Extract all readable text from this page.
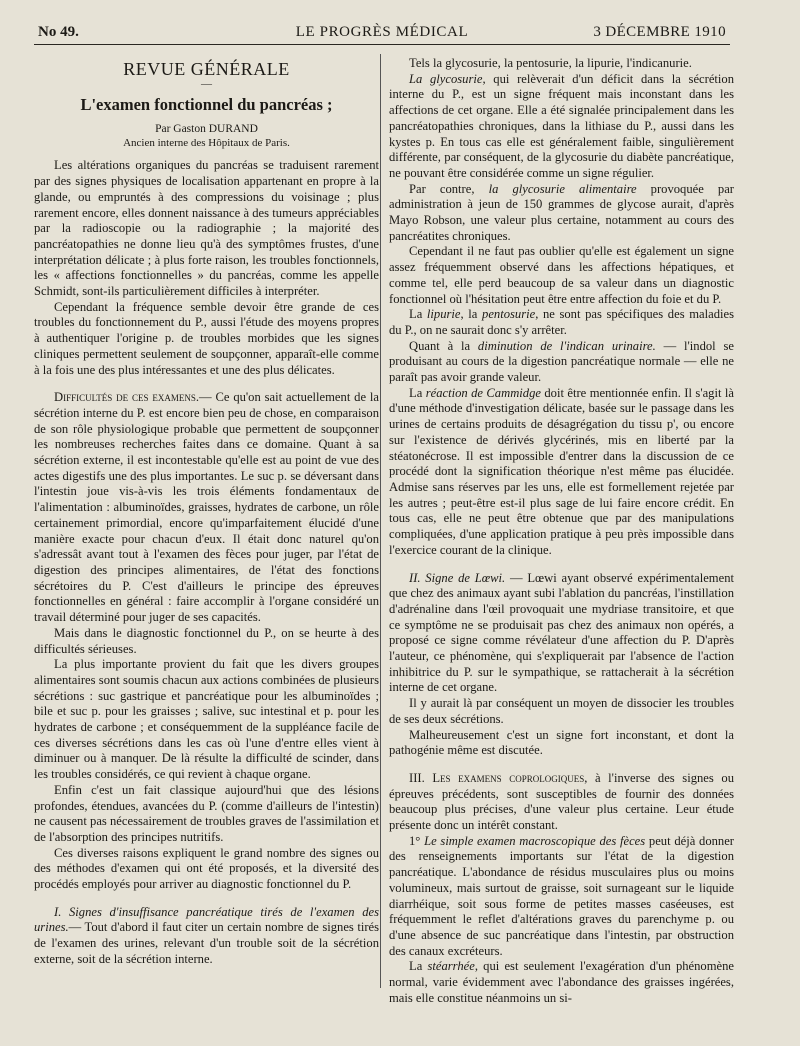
No 49.	LE PROGRÈS MÉDICAL	3 DÉCEMBRE 1910
REVUE GÉNÉRALE
—
L'examen fonctionnel du pancréas ;
Par Gaston DURAND
Ancien interne des Hôpitaux de Paris.

Les altérations organiques du pancréas se traduisent rarement par des signes physiques de localisation appartenant en propre à la glande, ou empruntés à des compressions du voisinage ; plus rarement encore, elles donnent naissance à des tumeurs appréciables par la radioscopie ou la radiographie ; la majorité des pancréatopathies ne donne lieu qu'à des symptômes frustes, d'une interprétation délicate ; à plus forte raison, les troubles fonctionnels, les « affections fonctionnelles » du pancréas, comme les appelle Schmidt, sont-ils particulièrement difficiles à interpréter.

Cependant la fréquence semble devoir être grande de ces troubles du fonctionnement du P., aussi l'étude des moyens propres à authentiquer l'origine p. de troubles morbides que les signes cliniques permettent seulement de soupçonner, apparaît-elle comme à la fois une des plus intéressantes et une des plus délicates.

Difficultés de ces examens.— Ce qu'on sait actuellement de la sécrétion interne du P. est encore bien peu de chose, en comparaison de son rôle physiologique probable que permettent de soupçonner les nombreuses recherches faites dans ce domaine. Quant à sa sécrétion externe, il est incontestable qu'elle est au point de vue des actes digestifs une des plus importantes. Le suc p. se déversant dans l'intestin joue vis-à-vis les trois éléments fondamentaux de l'alimentation : albuminoïdes, graisses, hydrates de carbone, un rôle certainement primordial, encore qu'imparfaitement élucidé d'une manière exacte pour chacun d'eux. Il était donc naturel qu'on s'adressât avant tout à l'examen des fèces pour juger, par l'état de digestion des principes alimentaires, de l'état des fonctions sécrétoires du P. C'est d'ailleurs le principe des épreuves fonctionnelles en général : faire accomplir à l'organe considéré un travail déterminé pour juger de ses capacités.

Mais dans le diagnostic fonctionnel du P., on se heurte à des difficultés sérieuses.

La plus importante provient du fait que les divers groupes alimentaires sont soumis chacun aux actions combinées de plusieurs sécrétions : suc gastrique et pancréatique pour les albuminoïdes ; bile et suc p. pour les graisses ; salive, suc intestinal et p. pour les hydrates de carbone ; et conséquemment de la suppléance facile de ces diverses sécrétions dans les cas où l'une d'entre elles vient à diminuer ou à manquer. De là résulte la difficulté de scinder, dans les troubles considérés, ce qui revient à chaque organe.

Enfin c'est un fait classique aujourd'hui que des lésions profondes, étendues, avancées du P. (comme d'ailleurs de l'intestin) ne causent pas nécessairement de troubles graves de l'assimilation et de l'absorption des principes nutritifs.

Ces diverses raisons expliquent le grand nombre des signes ou des méthodes d'examen qui ont été proposés, et la diversité des procédés employés pour arriver au diagnostic fonctionnel du P.

I. Signes d'insuffisance pancréatique tirés de l'examen des urines.— Tout d'abord il faut citer un certain nombre de signes tirés de l'examen des urines, relevant d'un trouble soit de la sécrétion externe, soit de la sécrétion interne.

Tels la glycosurie, la pentosurie, la lipurie, l'indicanurie.

La glycosurie, qui relèverait d'un déficit dans la sécrétion interne du P., est un signe fréquent mais inconstant dans les affections de cet organe. Elle a été signalée principalement dans les pancréatopathies chroniques, dans la lithiase du P., aussi dans les kystes p. En tous cas elle est généralement faible, singulièrement différente, par conséquent, de la glycosurie du diabète pancréatique, ne pouvant être considérée comme un signe régulier.

Par contre, la glycosurie alimentaire provoquée par administration à jeun de 150 grammes de glycose aurait, d'après Mayo Robson, une valeur plus certaine, notamment au cours des pancréatites chroniques.

Cependant il ne faut pas oublier qu'elle est également un signe assez fréquemment observé dans les affections hépatiques, et comme tel, elle perd beaucoup de sa valeur dans un diagnostic fonctionnel où l'hésitation peut être entre affection du foie et du P.

La lipurie, la pentosurie, ne sont pas spécifiques des maladies du P., on ne saurait donc s'y arrêter.

Quant à la diminution de l'indican urinaire. — l'indol se produisant au cours de la digestion pancréatique normale — elle ne paraît pas avoir grande valeur.

La réaction de Cammidge doit être mentionnée enfin. Il s'agit là d'une méthode d'investigation délicate, basée sur le passage dans les urines de certains produits de désagrégation du tissu p', ou encore sur l'existence de dérivés glycérinés, mis en liberté par la stéatonécrose. Il est impossible d'entrer dans la discussion de ce procédé dont la signification théorique n'est même pas élucidée. Admise sans réserves par les uns, elle est formellement rejetée par les autres ; peut-être est-il plus sage de lui faire encore crédit. En tous cas, elle ne peut être obtenue que par des manipulations compliquées, d'une application pratique à peu près impossible dans l'exercice courant de la clinique.

II. Signe de Lœwi. — Lœwi ayant observé expérimentalement que chez des animaux ayant subi l'ablation du pancréas, l'instillation d'adrénaline dans l'œil provoquait une mydriase transitoire, et que ce symptôme ne se produisait pas chez des animaux non opérés, a proposé ce signe comme révélateur d'une affection du P. D'après l'auteur, ce phénomène, qui s'expliquerait par l'absence de l'action inhibitrice du P. sur le sympathique, se rattacherait à la sécrétion interne de cet organe.

Il y aurait là par conséquent un moyen de dissocier les troubles de ses deux sécrétions.

Malheureusement c'est un signe fort inconstant, et dont la pathogénie même est discutée.

III. Les examens coprologiques, à l'inverse des signes ou épreuves précédents, sont susceptibles de fournir des données beaucoup plus précises, d'une valeur plus certaine. Leur étude présente donc un intérêt constant.

1° Le simple examen macroscopique des fèces peut déjà donner des renseignements importants sur l'état de la digestion pancréatique. L'abondance de résidus musculaires plus ou moins volumineux, mais surtout de graisse, soit surnageant sur le liquide diarrhéique, soit sous forme de petites masses caséeuses, est fréquemment le reflet d'altérations graves du parenchyme p. ou d'une absence de suc pancréatique dans l'intestin, par obstruction des canaux excréteurs.

La stéarrhée, qui est seulement l'exagération d'un phénomène normal, varie évidemment avec l'abondance des graisses ingérées, mais elle constitue néanmoins un si-
